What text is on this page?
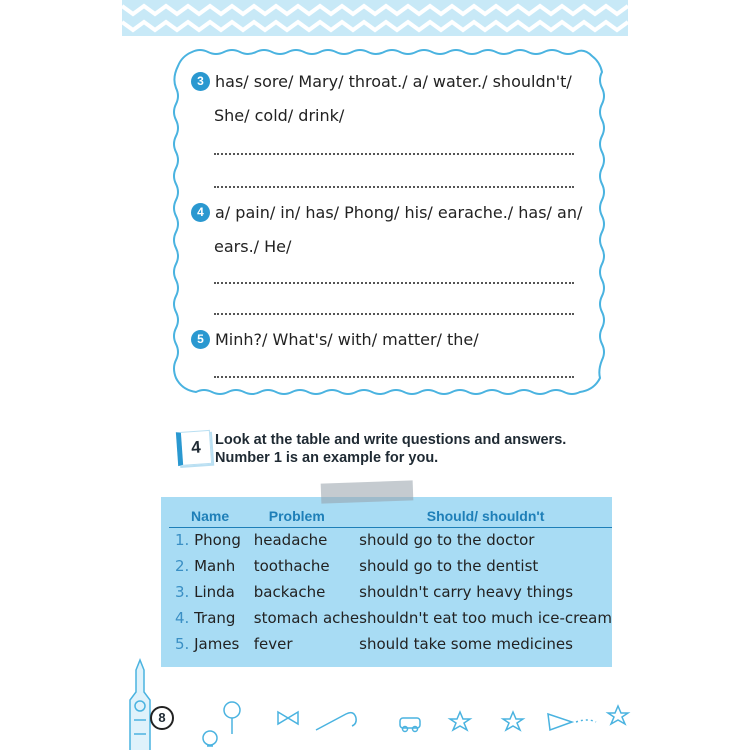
3 has/ sore/ Mary/ throat./ a/ water./ shouldn't/
She/ cold/ drink/
4 a/ pain/ in/ has/ Phong/ his/ earache./ has/ an/
ears./ He/
5 Minh?/ What's/ with/ matter/ the/
4 Look at the table and write questions and answers.
Number 1 is an example for you.
Name	Problem	Should/ shouldn't
1. Phong	headache	should go to the doctor
2. Manh	toothache	should go to the dentist
3. Linda	backache	shouldn't carry heavy things
4. Trang	stomach ache	shouldn't eat too much ice-cream
5. James	fever	should take some medicines
8
